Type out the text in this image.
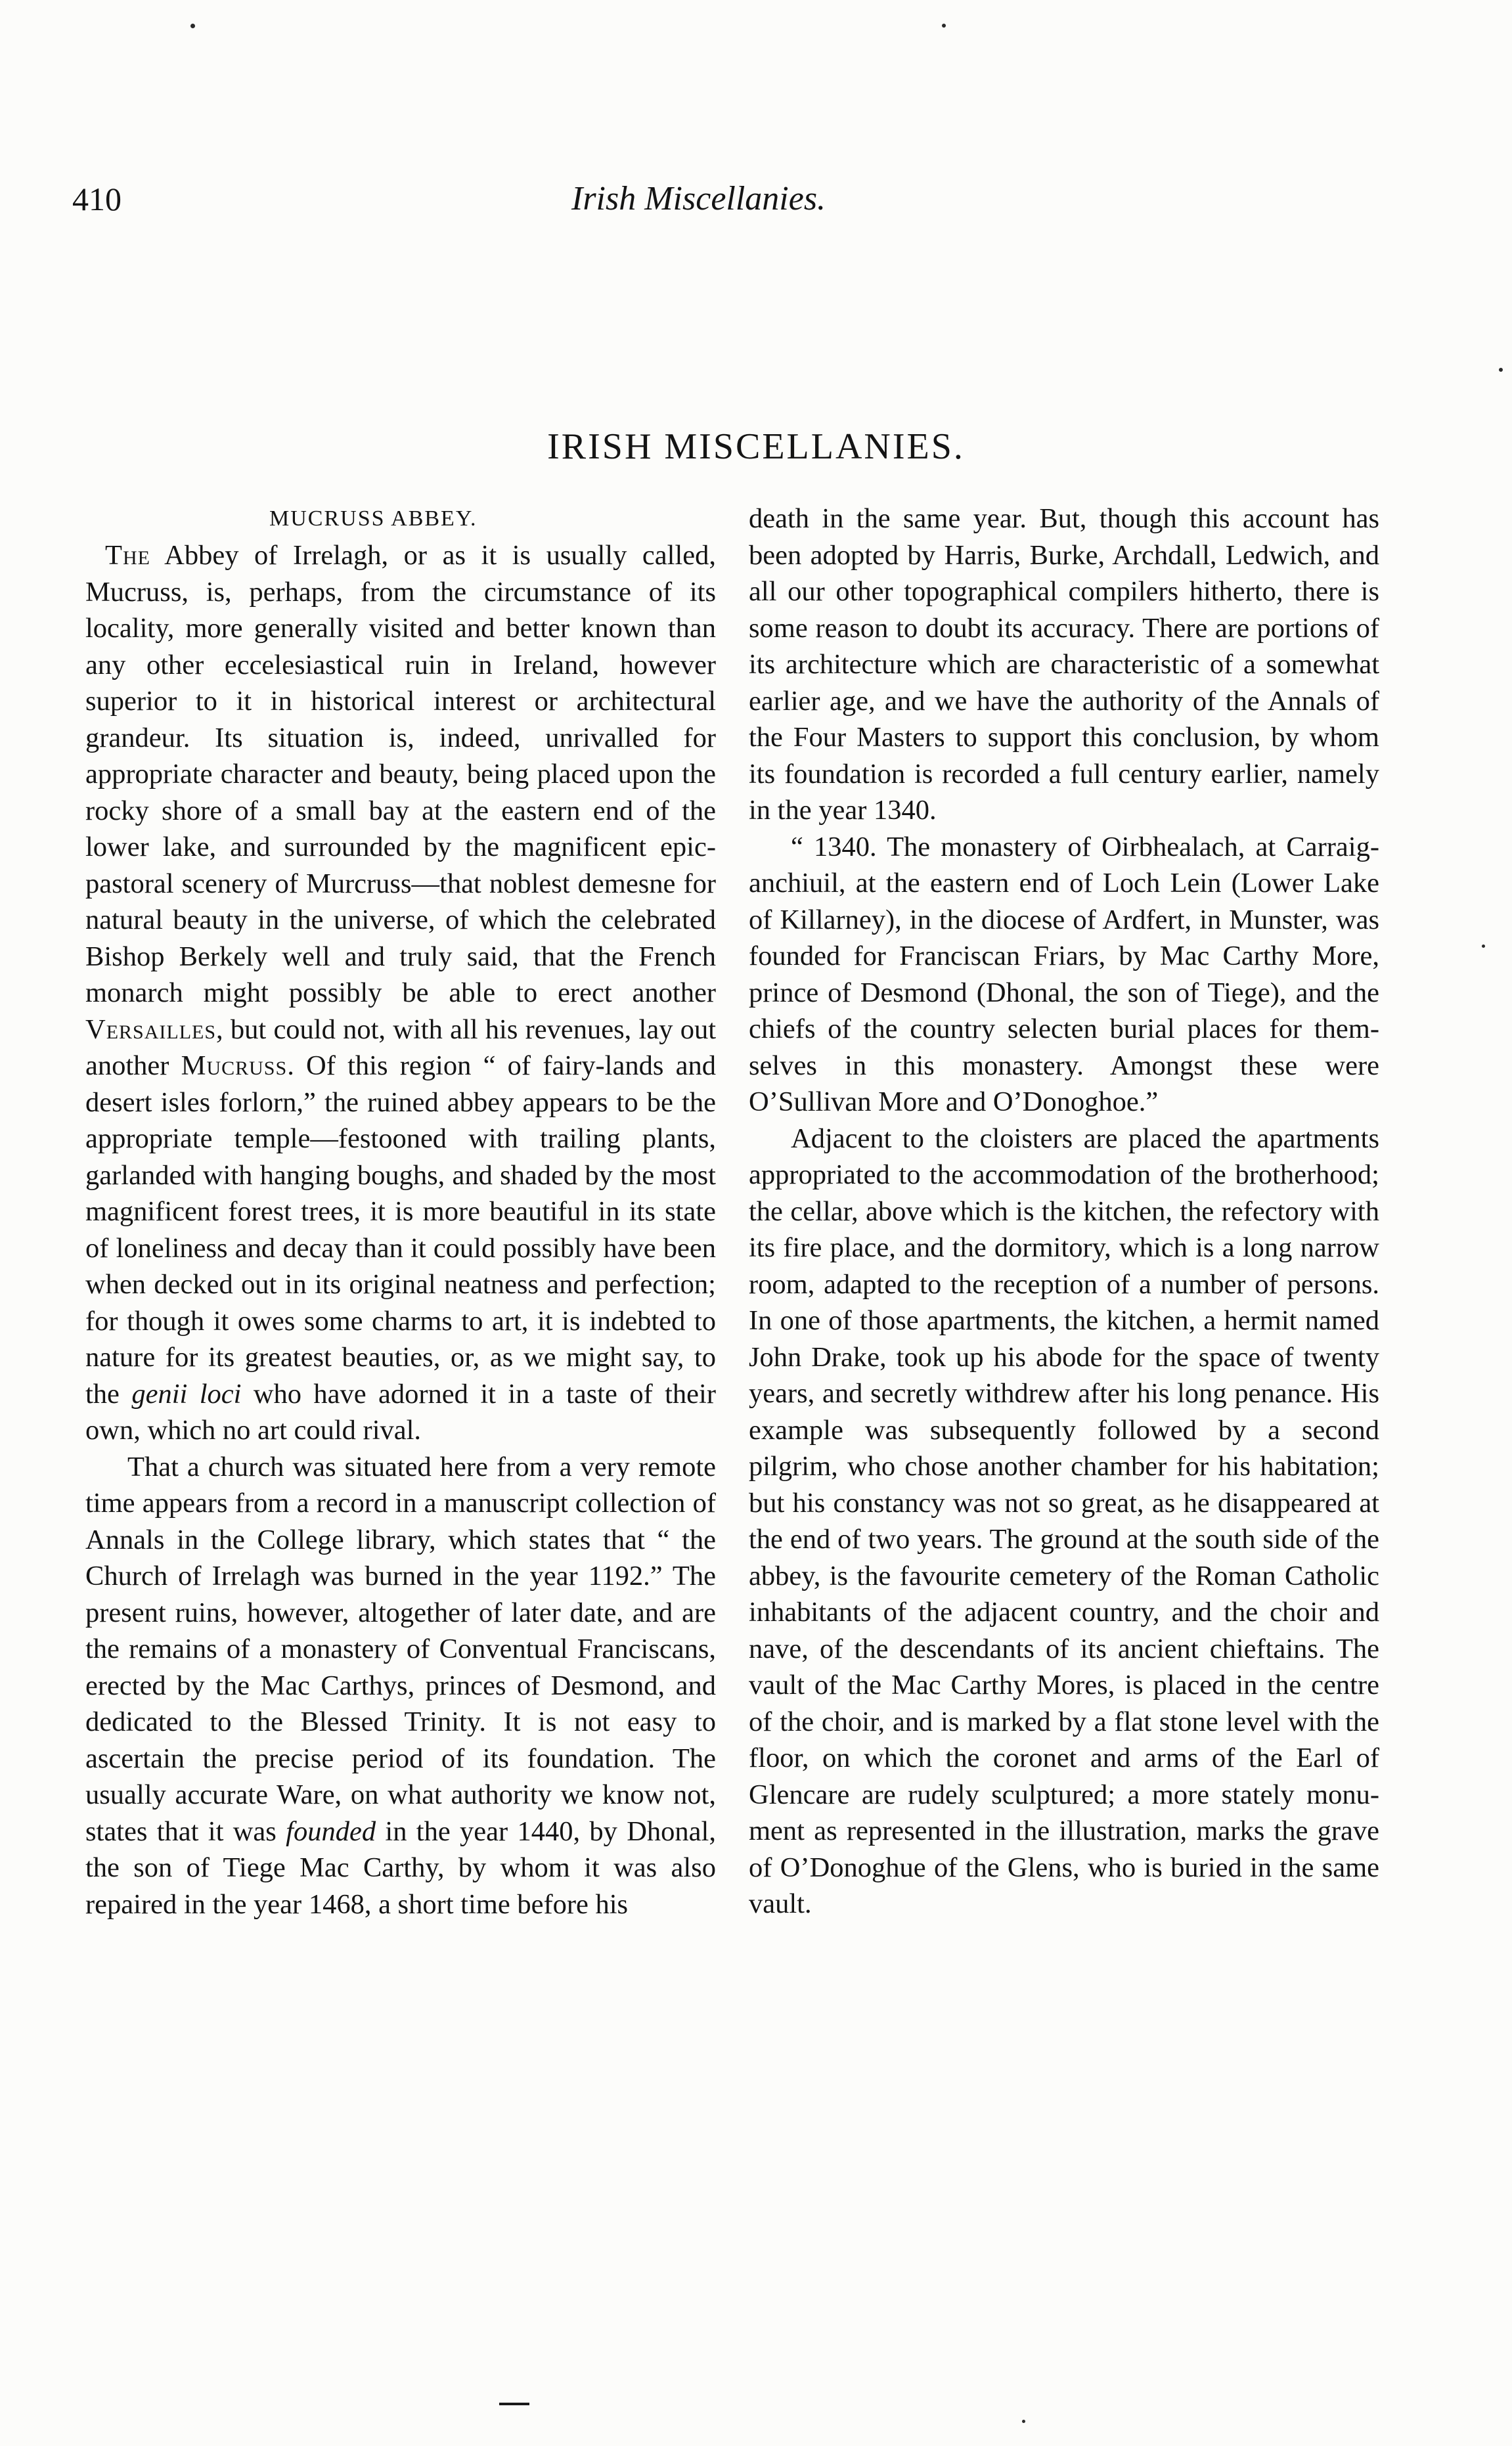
410	Irish Miscellanies.
IRISH MISCELLANIES.
MUCRUSS ABBEY.

The Abbey of Irrelagh, or as it is usually called, Mucruss, is, perhaps, from the circumstance of its locality, more generally visited and better known than any other eccelesiastical ruin in Ireland, however superior to it in historical interest or architectural grandeur. Its situation is, indeed, unrivalled for appropriate character and beauty, being placed upon the rocky shore of a small bay at the eastern end of the lower lake, and surrounded by the magnificent epic-pastoral scenery of Murcruss—that noblest demesne for natural beauty in the universe, of which the celebrated Bishop Berkely well and truly said, that the French monarch might possibly be able to erect another Versailles, but could not, with all his revenues, lay out another Mucruss. Of this region “ of fairy-lands and desert isles forlorn,” the ruined abbey appears to be the appropriate temple—festooned with trailing plants, garlanded with hanging boughs, and shaded by the most magnificent forest trees, it is more beautiful in its state of loneliness and decay than it could possibly have been when decked out in its original neatness and perfection; for though it owes some charms to art, it is indebted to nature for its greatest beauties, or, as we might say, to the genii loci who have adorned it in a taste of their own, which no art could rival.

That a church was situated here from a very remote time appears from a record in a manuscript collection of Annals in the College library, which states that “ the Church of Irrelagh was burned in the year 1192.” The present ruins, however, altogether of later date, and are the remains of a monastery of Conventual Franciscans, erected by the Mac Carthys, princes of Desmond, and dedicated to the Blessed Trinity. It is not easy to ascertain the precise period of its foundation. The usually accurate Ware, on what authority we know not, states that it was founded in the year 1440, by Dhonal, the son of Tiege Mac Carthy, by whom it was also repaired in the year 1468, a short time before his

death in the same year. But, though this account has been adopted by Harris, Burke, Archdall, Ledwich, and all our other topographical compilers hitherto, there is some reason to doubt its accuracy. There are portions of its architecture which are characteristic of a somewhat earlier age, and we have the authority of the Annals of the Four Masters to support this conclusion, by whom its foundation is recorded a full century earlier, namely in the year 1340.

“ 1340. The monastery of Oirbhealach, at Carraig-anchiuil, at the eastern end of Loch Lein (Lower Lake of Killarney), in the diocese of Ardfert, in Munster, was founded for Franciscan Friars, by Mac Carthy More, prince of Desmond (Dhonal, the son of Tiege), and the chiefs of the country selecten burial places for themselves in this monastery. Amongst these were O’Sullivan More and O’Donoghoe.”

Adjacent to the cloisters are placed the apartments appropriated to the accommodation of the brotherhood; the cellar, above which is the kitchen, the refectory with its fire place, and the dormitory, which is a long narrow room, adapted to the reception of a number of persons. In one of those apartments, the kitchen, a hermit named John Drake, took up his abode for the space of twenty years, and secretly withdrew after his long penance. His example was subsequently followed by a second pilgrim, who chose another chamber for his habitation; but his constancy was not so great, as he disappeared at the end of two years. The ground at the south side of the abbey, is the favourite cemetery of the Roman Catholic inhabitants of the adjacent country, and the choir and nave, of the descendants of its ancient chieftains. The vault of the Mac Carthy Mores, is placed in the centre of the choir, and is marked by a flat stone level with the floor, on which the coronet and arms of the Earl of Glencare are rudely sculptured; a more stately monument as represented in the illustration, marks the grave of O’Donoghue of the Glens, who is buried in the same vault.
